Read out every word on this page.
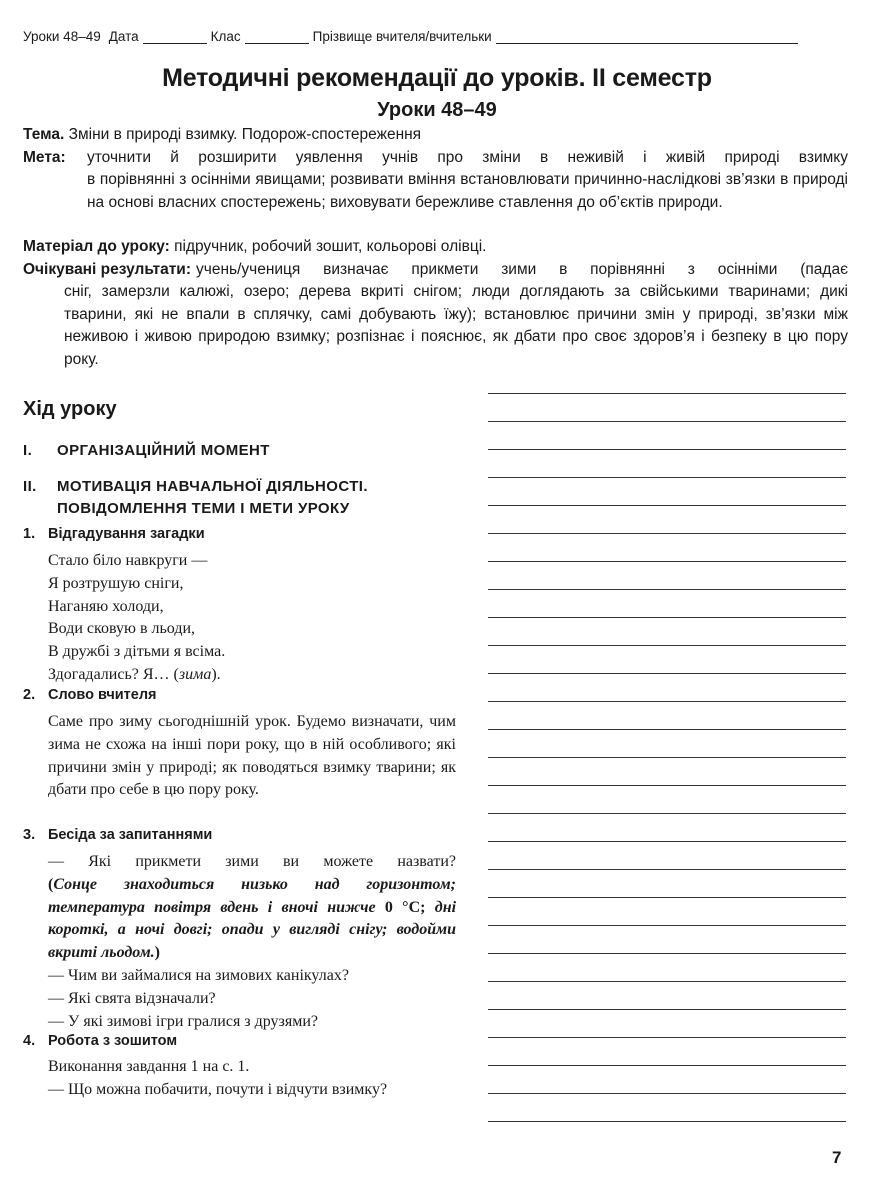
Уроки 48–49 Дата	Клас	Прізвище вчителя/вчительки
Методичні рекомендації до уроків. ІІ семестр
Уроки 48–49
Тема. Зміни в природі взимку. Подорож-спостереження
Мета:	уточнити й розширити уявлення учнів про зміни в неживій і живій природі взимку
в порівнянні з осінніми явищами; розвивати вміння встановлювати причинно-наслідкові зв’язки в природі на основі власних спостережень; виховувати бережливе ставлення до об’єктів природи.
Матеріал до уроку: підручник, робочий зошит, кольорові олівці.
Очікувані результати: учень/учениця визначає прикмети зими в порівнянні з осінніми (падає
сніг, замерзли калюжі, озеро; дерева вкриті снігом; люди доглядають за свійськими тваринами; дикі тварини, які не впали в сплячку, самі добувають їжу); встановлює причини змін у природі, зв’язки між неживою і живою природою взимку; розпізнає і пояснює, як дбати про своє здоров’я і безпеку в цю пору року.
Хід уроку
І. ОРГАНІЗАЦІЙНИЙ МОМЕНТ
ІІ. МОТИВАЦІЯ НАВЧАЛЬНОЇ ДІЯЛЬНОСТІ.
ПОВІДОМЛЕННЯ ТЕМИ І МЕТИ УРОКУ
1. Відгадування загадки
Стало біло навкруги —
Я розтрушую сніги,
Наганяю холоди,
Води сковую в льоди,
В дружбі з дітьми я всіма.
Здогадались? Я… (зима).
2. Слово вчителя
Саме про зиму сьогоднішній урок. Будемо визначати, чим зима не схожа на інші пори року, що в ній особливого; які причини змін у природі; як поводяться взимку тварини; як дбати про себе в цю пору року.
3. Бесіда за запитаннями
— Які прикмети зими ви можете назвати?
(Сонце знаходиться низько над горизонтом; температура повітря вдень і вночі нижче 0 °C; дні короткі, а ночі довгі; опади у вигляді снігу; водойми вкриті льодом.)
— Чим ви займалися на зимових канікулах?
— Які свята відзначали?
— У які зимові ігри гралися з друзями?
4. Робота з зошитом
Виконання завдання 1 на с. 1.
— Що можна побачити, почути і відчути взимку?
7
